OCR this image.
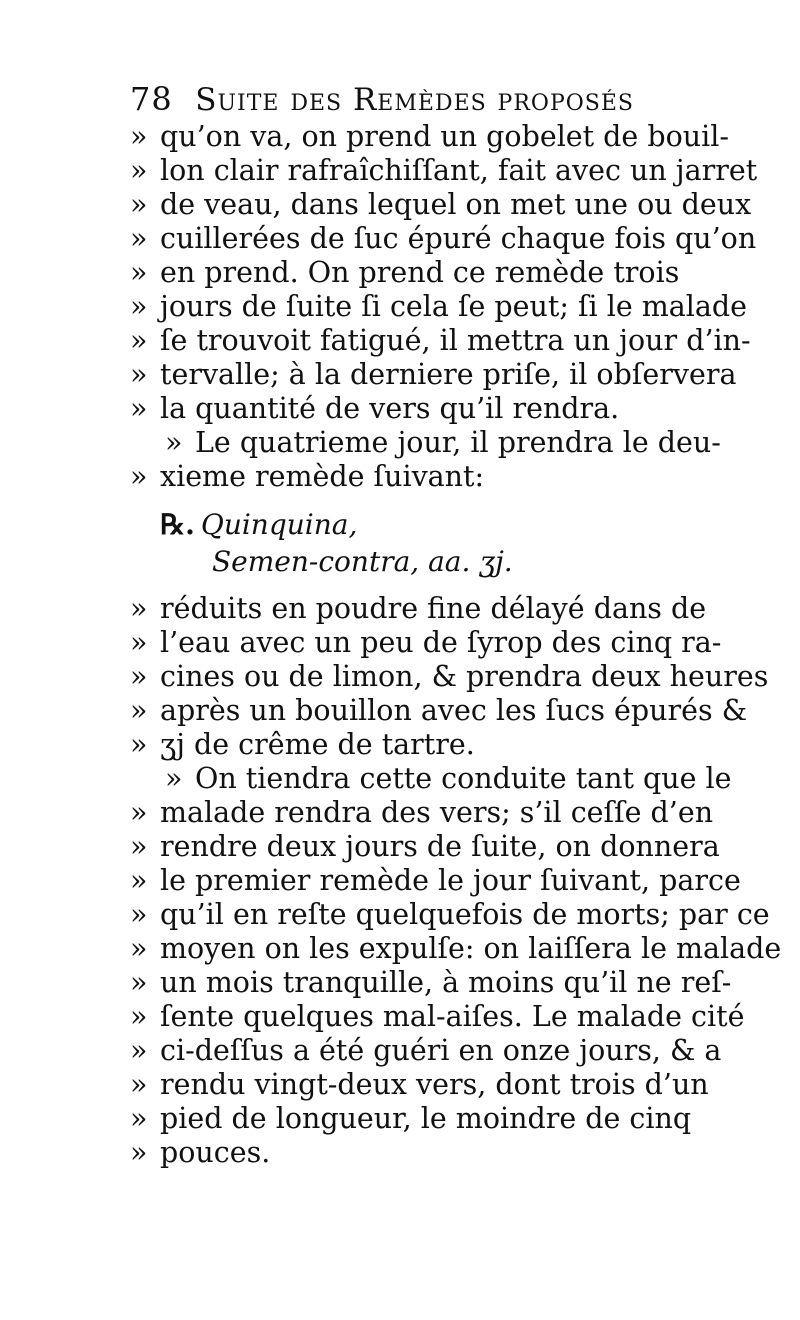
78 Suite des Remèdes proposés
» qu’on va, on prend un gobelet de bouil-
» lon clair rafraîchiſſant, fait avec un jarret
» de veau, dans lequel on met une ou deux
» cuillerées de ſuc épuré chaque fois qu’on
» en prend. On prend ce remède trois
» jours de ſuite ſi cela ſe peut; ſi le malade
» ſe trouvoit fatigué, il mettra un jour d’in-
» tervalle; à la derniere priſe, il obſervera
» la quantité de vers qu’il rendra.
» Le quatrieme jour, il prendra le deu-
» xieme remède ſuivant:
℞. Quinquina,
Semen-contra, aa. ʒj.
» réduits en poudre fine délayé dans de
» l’eau avec un peu de ſyrop des cinq ra-
» cines ou de limon, & prendra deux heures
» après un bouillon avec les ſucs épurés &
» ʒj de crême de tartre.
» On tiendra cette conduite tant que le
» malade rendra des vers; s’il ceſſe d’en
» rendre deux jours de ſuite, on donnera
» le premier remède le jour ſuivant, parce
» qu’il en reſte quelquefois de morts; par ce
» moyen on les expulſe: on laiſſera le malade
» un mois tranquille, à moins qu’il ne reſ-
» ſente quelques mal-aiſes. Le malade cité
» ci-deſſus a été guéri en onze jours, & a
» rendu vingt-deux vers, dont trois d’un
» pied de longueur, le moindre de cinq
» pouces.
